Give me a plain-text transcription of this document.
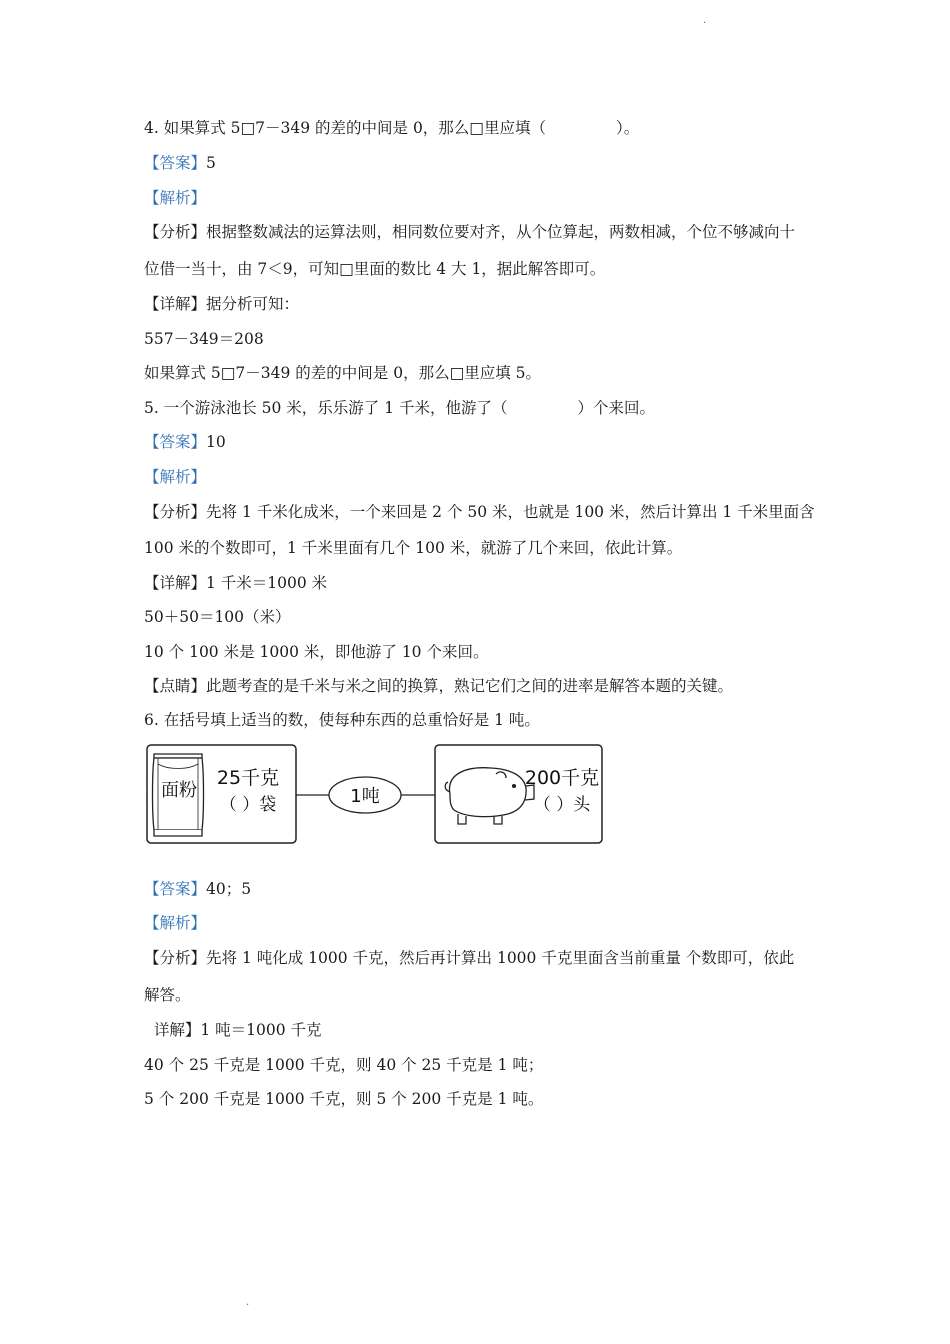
·
4. 如果算式 5□7－349 的差的中间是 0，那么□里应填（	）。
【答案】5
【解析】
【分析】根据整数减法的运算法则，相同数位要对齐，从个位算起，两数相减，个位不够减向十
位借一当十，由 7＜9，可知□里面的数比 4 大 1，据此解答即可。
【详解】据分析可知：
557－349＝208
如果算式 5□7－349 的差的中间是 0，那么□里应填 5。
5. 一个游泳池长 50 米，乐乐游了 1 千米，他游了（	）个来回。
【答案】10
【解析】
【分析】先将 1 千米化成米，一个来回是 2 个 50 米，也就是 100 米，然后计算出 1 千米里面含
100 米的个数即可，1 千米里面有几个 100 米，就游了几个来回，依此计算。
【详解】1 千米＝1000 米
50＋50＝100（米）
10 个 100 米是 1000 米，即他游了 10 个来回。
【点睛】此题考查的是千米与米之间的换算，熟记它们之间的进率是解答本题的关键。
6. 在括号填上适当的数，使每种东西的总重恰好是 1 吨。
面粉
25千克
（ ）袋	1吨
200千克
（ ）头
【答案】40；5
【解析】
【分析】先将 1 吨化成 1000 千克，然后再计算出 1000 千克里面含当前重量 个数即可，依此
解答。
详解】1 吨＝1000 千克
40 个 25 千克是 1000 千克，则 40 个 25 千克是 1 吨；
5 个 200 千克是 1000 千克，则 5 个 200 千克是 1 吨。
·
